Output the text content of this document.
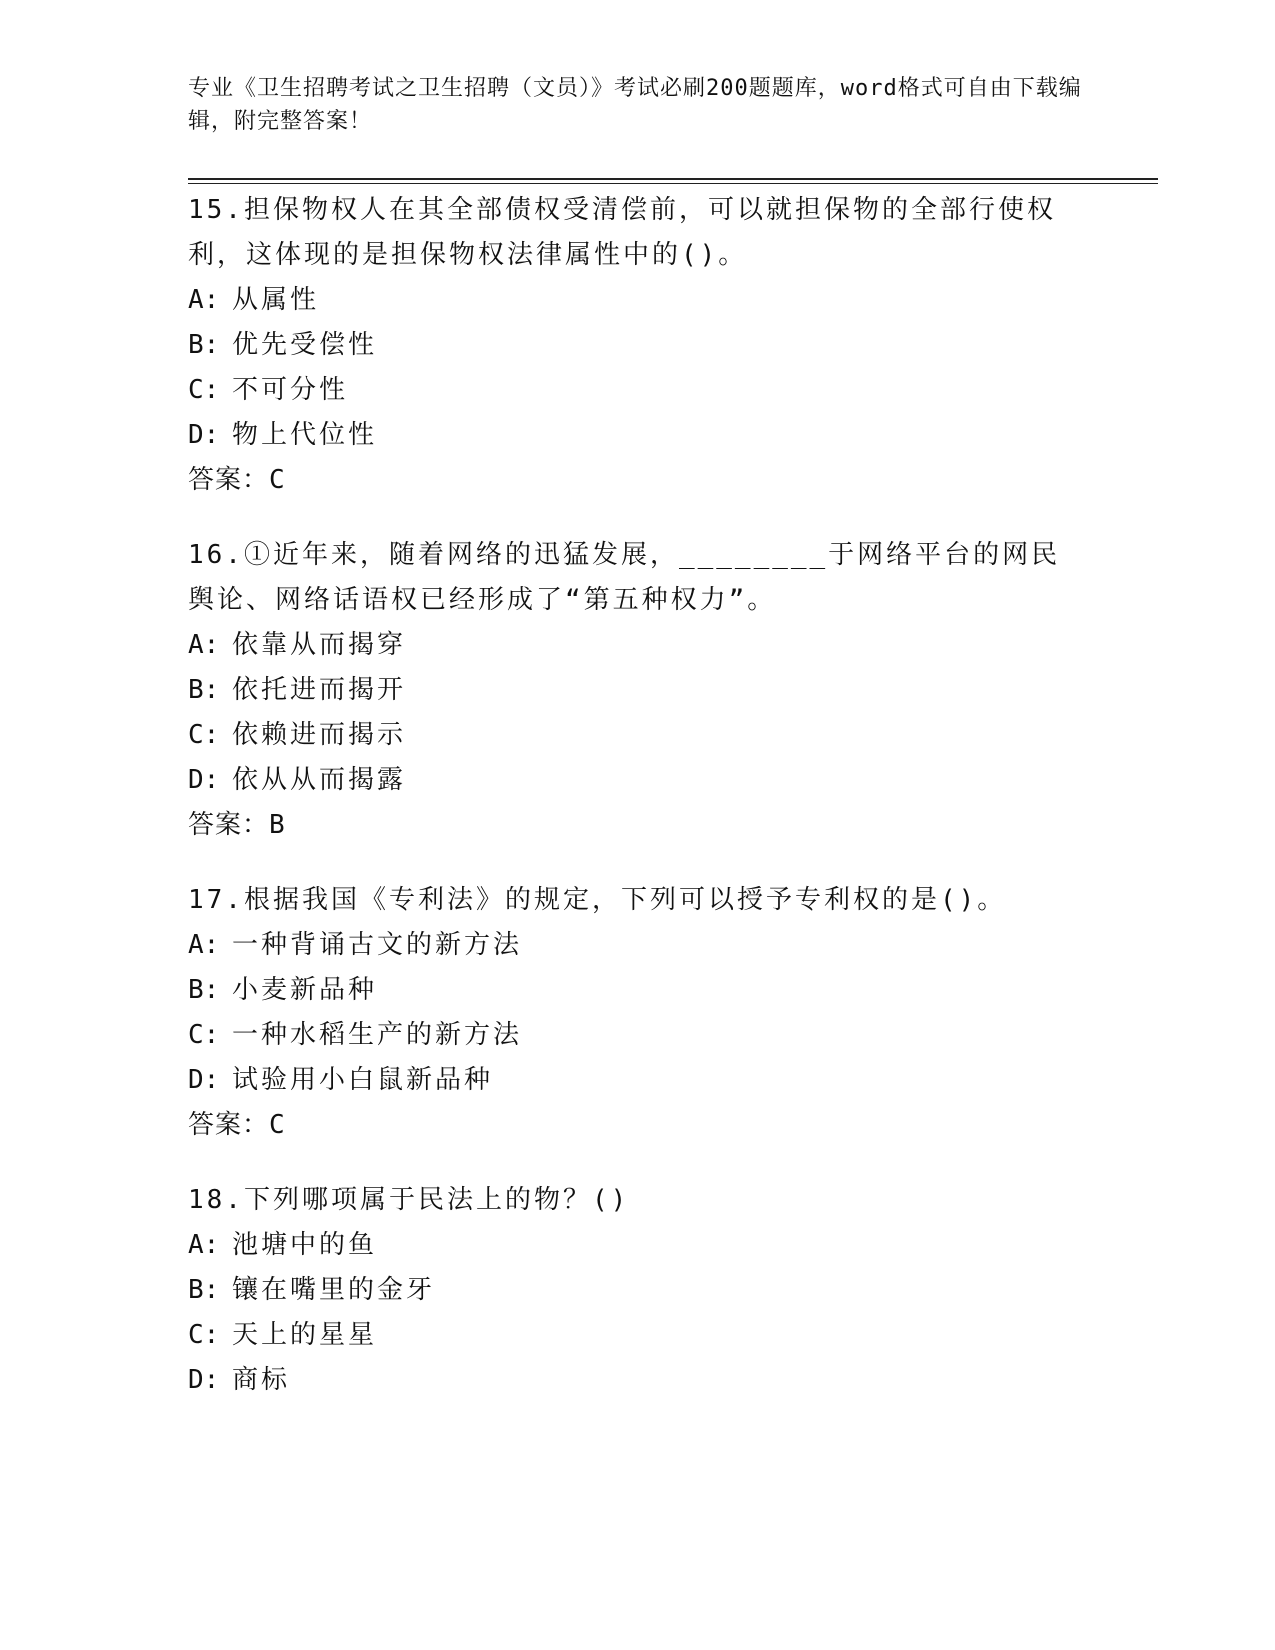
专业《卫生招聘考试之卫生招聘（文员）》考试必刷200题题库，word格式可自由下载编辑，附完整答案！
15.担保物权人在其全部债权受清偿前，可以就担保物的全部行使权利，这体现的是担保物权法律属性中的()。
A: 从属性
B: 优先受偿性
C: 不可分性
D: 物上代位性
答案：C
16.①近年来，随着网络的迅猛发展，________于网络平台的网民舆论、网络话语权已经形成了“第五种权力”。
A: 依靠从而揭穿
B: 依托进而揭开
C: 依赖进而揭示
D: 依从从而揭露
答案：B
17.根据我国《专利法》的规定，下列可以授予专利权的是()。
A: 一种背诵古文的新方法
B: 小麦新品种
C: 一种水稻生产的新方法
D: 试验用小白鼠新品种
答案：C
18.下列哪项属于民法上的物？()
A: 池塘中的鱼
B: 镶在嘴里的金牙
C: 天上的星星
D: 商标
